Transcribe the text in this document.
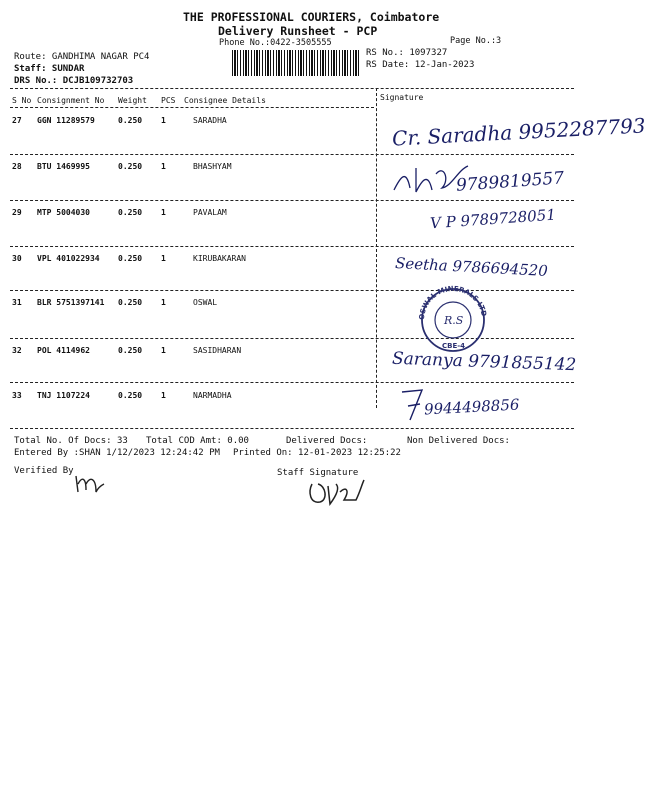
THE PROFESSIONAL COURIERS, Coimbatore
Delivery Runsheet - PCP
Phone No.:0422-3505555	Page No.:3
Route: GANDHIMA NAGAR PC4
Staff: SUNDAR
DRS No.: DCJB109732703
RS No.: 1097327
RS Date: 12-Jan-2023
S No Consignment No Weight PCS Consignee Details	Signature
27 GGN 11289579	0.250 1	SARADHA	Cr. Saradha 9952287793
28 BTU 1469995	0.250 1	BHASHYAM
9789819557
29 MTP 5004030	0.250 1	PAVALAM	V P 9789728051
30 VPL 401022934 0.250 1	KIRUBAKARAN	Seetha 9786694520
31 BLR 5751397141 0.250 1	OSWAL
OSWAL MINERALS LTD
R.S
CBE-4
32 POL 4114962	0.250 1	SASIDHARAN	Saranya 9791855142
33 TNJ 1107224	0.250 1	NARMADHA
9944498856
Total No. Of Docs: 33 Total COD Amt: 0.00	Delivered Docs:	Non Delivered Docs:
Entered By :SHAN 1/12/2023 12:24:42 PM Printed On: 12-01-2023 12:25:22
Verified By	Staff Signature
